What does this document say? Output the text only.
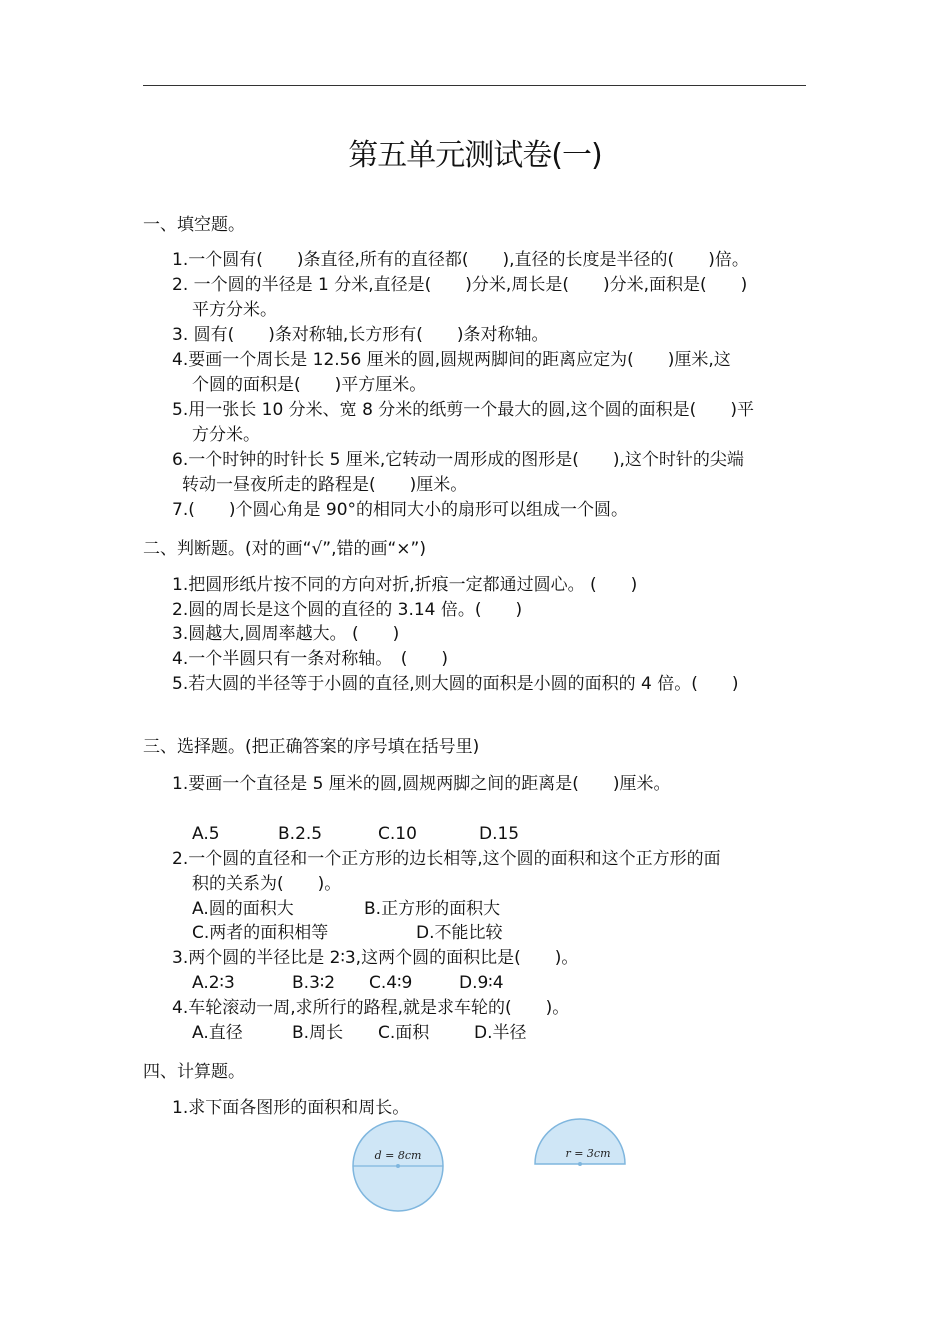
第五单元测试卷(一)
一、填空题。
1.一个圆有(　　)条直径,所有的直径都(　　),直径的长度是半径的(　　)倍。
2. 一个圆的半径是 1 分米,直径是(　　)分米,周长是(　　)分米,面积是(　　)
平方分米。
3. 圆有(　　)条对称轴,长方形有(　　)条对称轴。
4.要画一个周长是 12.56 厘米的圆,圆规两脚间的距离应定为(　　)厘米,这
个圆的面积是(　　)平方厘米。
5.用一张长 10 分米、宽 8 分米的纸剪一个最大的圆,这个圆的面积是(　　)平
方分米。
6.一个时钟的时针长 5 厘米,它转动一周形成的图形是(　　),这个时针的尖端
转动一昼夜所走的路程是(　　)厘米。
7.(　　)个圆心角是 90°的相同大小的扇形可以组成一个圆。
二、判断题。(对的画“√”,错的画“×”)
1.把圆形纸片按不同的方向对折,折痕一定都通过圆心。 (　　)
2.圆的周长是这个圆的直径的 3.14 倍。(　　)
3.圆越大,圆周率越大。 (　　)
4.一个半圆只有一条对称轴。　(　　)
5.若大圆的半径等于小圆的直径,则大圆的面积是小圆的面积的 4 倍。(　　)
三、选择题。(把正确答案的序号填在括号里)
1.要画一个直径是 5 厘米的圆,圆规两脚之间的距离是(　　)厘米。
A.5	B.2.5	C.10	D.15
2.一个圆的直径和一个正方形的边长相等,这个圆的面积和这个正方形的面
积的关系为(　　)。
A.圆的面积大	B.正方形的面积大
C.两者的面积相等	D.不能比较
3.两个圆的半径比是 2∶3,这两个圆的面积比是(　　)。
A.2∶3	B.3∶2 C.4∶9	D.9∶4
4.车轮滚动一周,求所行的路程,就是求车轮的(　　)。
A.直径	B.周长 C.面积	D.半径
四、计算题。
1.求下面各图形的面积和周长。
d = 8cm	r = 3cm
